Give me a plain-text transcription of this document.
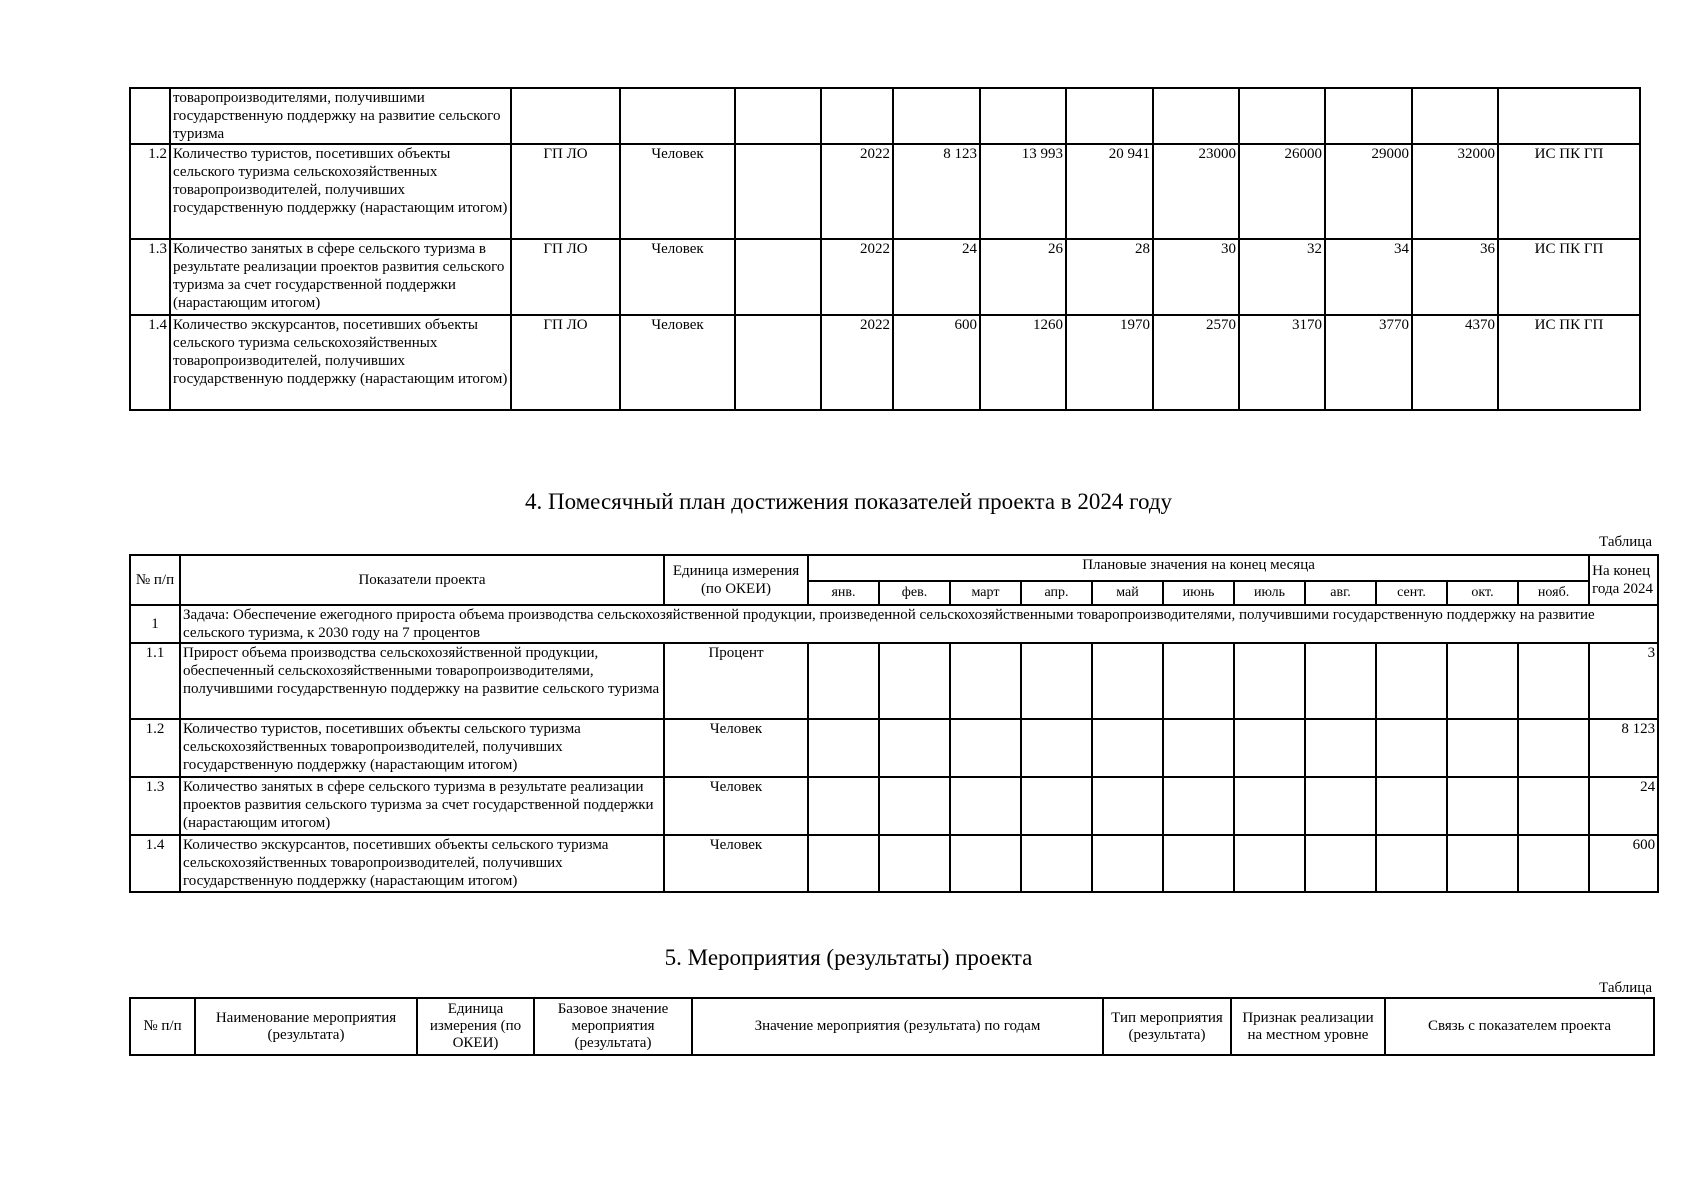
	товаропроизводителями, получившими государственную поддержку на развитие сельского туризма												
1.2	Количество туристов, посетивших объекты сельского туризма сельскохозяйственных товаропроизводителей, получивших государственную поддержку (нарастающим итогом)	ГП ЛО	Человек		2022	8 123	13 993	20 941	23000	26000	29000	32000	ИС ПК ГП
1.3	Количество занятых в сфере сельского туризма в результате реализации проектов развития сельского туризма за счет государственной поддержки (нарастающим итогом)	ГП ЛО	Человек		2022	24	26	28	30	32	34	36	ИС ПК ГП
1.4	Количество экскурсантов, посетивших объекты сельского туризма сельскохозяйственных товаропроизводителей, получивших государственную поддержку (нарастающим итогом)	ГП ЛО	Человек		2022	600	1260	1970	2570	3170	3770	4370	ИС ПК ГП
4. Помесячный план достижения показателей проекта в 2024 году
Таблица
№ п/п	Показатели проекта	Единица измерения (по ОКЕИ)	Плановые значения на конец месяца											На конец года 2024
			янв.	фев.	март	апр.	май	июнь	июль	авг.	сент.	окт.	нояб.	
1	Задача: Обеспечение ежегодного прироста объема производства сельскохозяйственной продукции, произведенной сельскохозяйственными товаропроизводителями, получившими государственную поддержку на развитие сельского туризма, к 2030 году на 7 процентов													
1.1	Прирост объема производства сельскохозяйственной продукции, обеспеченный сельскохозяйственными товаропроизводителями, получившими государственную поддержку на развитие сельского туризма	Процент												3
1.2	Количество туристов, посетивших объекты сельского туризма сельскохозяйственных товаропроизводителей, получивших государственную поддержку (нарастающим итогом)	Человек												8 123
1.3	Количество занятых в сфере сельского туризма в результате реализации проектов развития сельского туризма за счет государственной поддержки (нарастающим итогом)	Человек												24
1.4	Количество экскурсантов, посетивших объекты сельского туризма сельскохозяйственных товаропроизводителей, получивших государственную поддержку (нарастающим итогом)	Человек												600
5. Мероприятия (результаты) проекта
Таблица
№ п/п	Наименование мероприятия (результата)	Единица измерения (по ОКЕИ)	Базовое значение мероприятия (результата)	Значение мероприятия (результата) по годам	Тип мероприятия (результата)	Признак реализации на местном уровне	Связь с показателем проекта
